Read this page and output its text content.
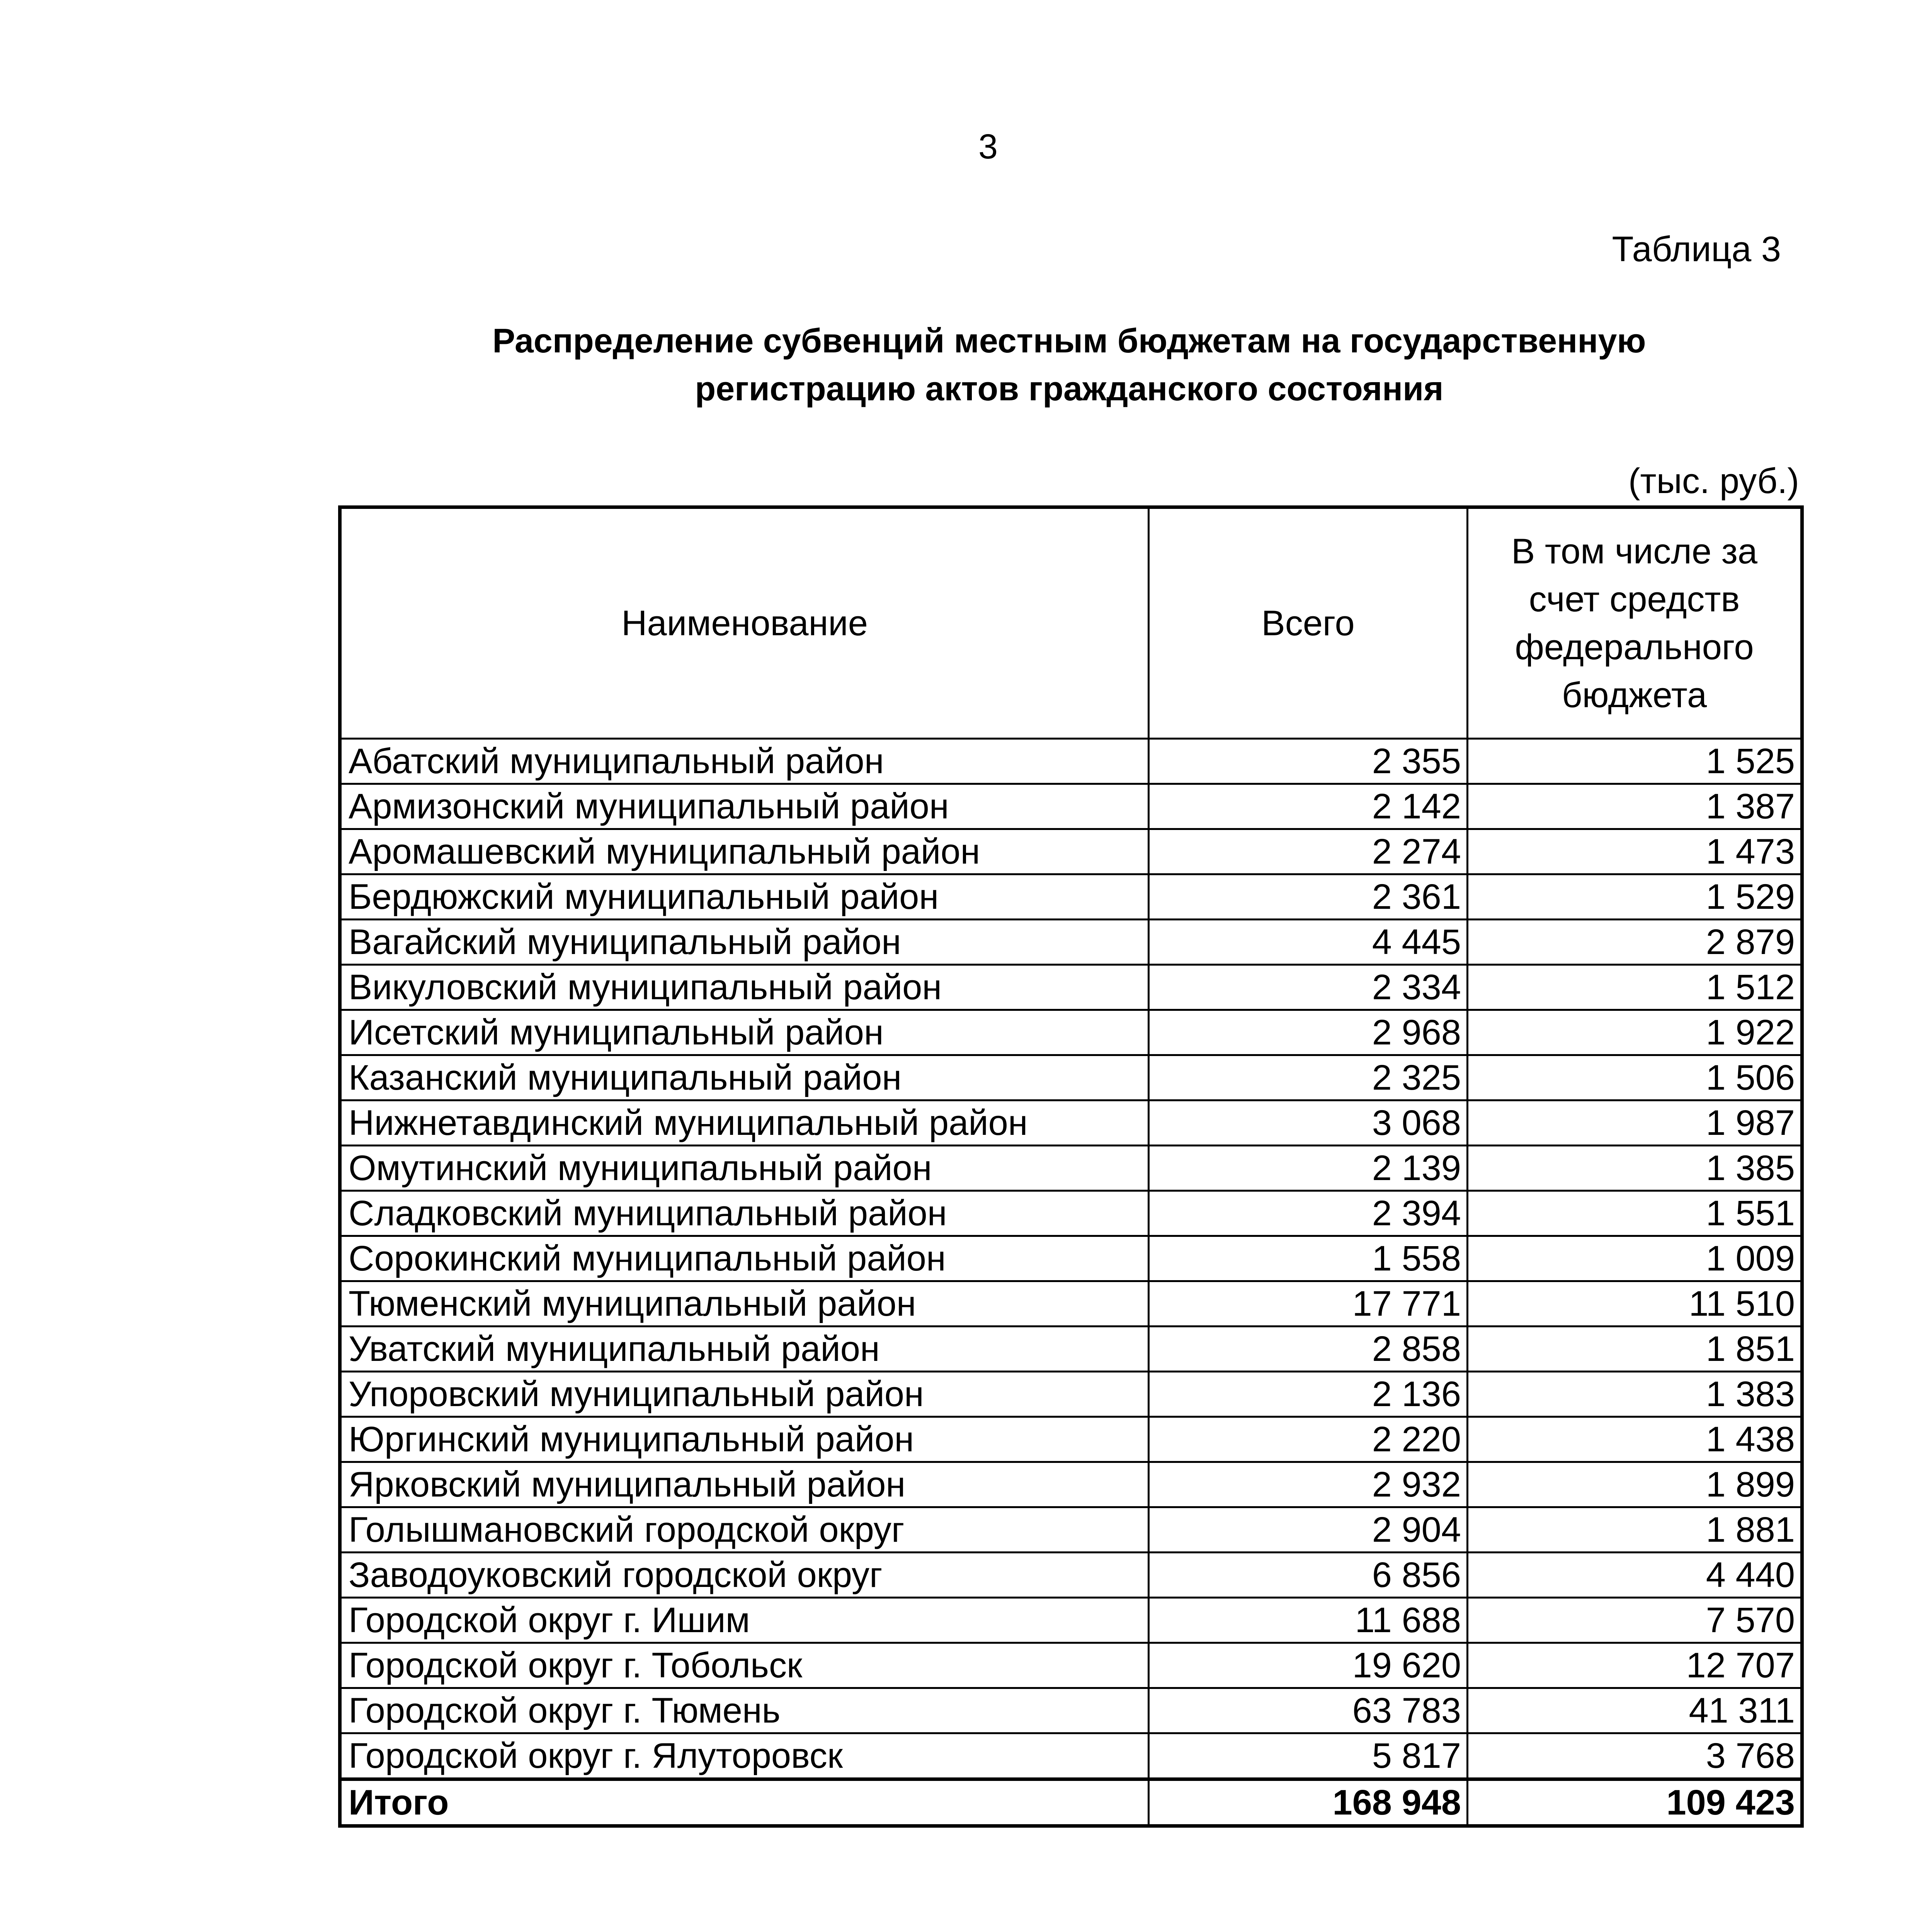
3
Таблица 3
Распределение субвенций местным бюджетам на государственную
регистрацию актов гражданского состояния
(тыс. руб.)
Наименование	Всего	В том числе за счет средств федерального бюджета
Абатский муниципальный район	2 355	1 525
Армизонский муниципальный район	2 142	1 387
Аромашевский муниципальный район	2 274	1 473
Бердюжский муниципальный район	2 361	1 529
Вагайский муниципальный район	4 445	2 879
Викуловский муниципальный район	2 334	1 512
Исетский муниципальный район	2 968	1 922
Казанский муниципальный район	2 325	1 506
Нижнетавдинский муниципальный район	3 068	1 987
Омутинский муниципальный район	2 139	1 385
Сладковский муниципальный район	2 394	1 551
Сорокинский муниципальный район	1 558	1 009
Тюменский муниципальный район	17 771	11 510
Уватский муниципальный район	2 858	1 851
Упоровский муниципальный район	2 136	1 383
Юргинский муниципальный район	2 220	1 438
Ярковский муниципальный район	2 932	1 899
Голышмановский городской округ	2 904	1 881
Заводоуковский городской округ	6 856	4 440
Городской округ г. Ишим	11 688	7 570
Городской округ г. Тобольск	19 620	12 707
Городской округ г. Тюмень	63 783	41 311
Городской округ г. Ялуторовск	5 817	3 768
Итого	168 948	109 423
